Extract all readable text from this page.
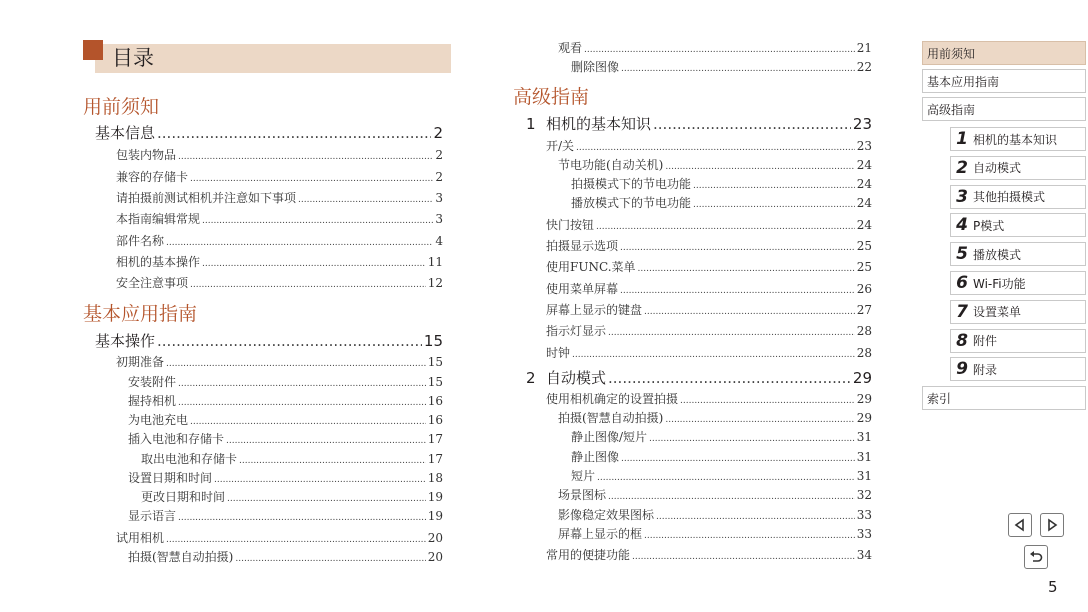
目录
用前须知
基本应用指南
高级指南
基本信息 .....	2
包装内物品 .....	2
兼容的存储卡 .....	2
请拍摄前测试相机并注意如下事项 .....	3
本指南编辑常规 .....	3
部件名称 .....	4
相机的基本操作 .....	11
安全注意事项 .....	12
基本操作 .....	15
初期准备 .....	15
安装附件 .....	15
握持相机 .....	16
为电池充电 .....	16
插入电池和存储卡 .....	17
取出电池和存储卡 .....	17
设置日期和时间 .....	18
更改日期和时间 .....	19
显示语言 .....	19
试用相机 .....	20
拍摄(智慧自动拍摄) .....	20
观看 .....	21
删除图像 .....	22
相机的基本知识 .....	23
自动模式 .....	29
开/关 .....	23
节电功能(自动关机) .....	24
拍摄模式下的节电功能 .....	24
播放模式下的节电功能 .....	24
快门按钮 .....	24
拍摄显示选项 .....	25
使用FUNC.菜单 .....	25
使用菜单屏幕 .....	26
屏幕上显示的键盘 .....	27
指示灯显示 .....	28
时钟 .....	28
使用相机确定的设置拍摄 .....	29
拍摄(智慧自动拍摄) .....	29
静止图像/短片 .....	31
静止图像 .....	31
短片 .....	31
场景图标 .....	32
影像稳定效果图标 .....	33
屏幕上显示的框 .....	33
常用的便捷功能 .....	34
1
2
用前须知
基本应用指南
高级指南
1 相机的基本知识
2 自动模式
3 其他拍摄模式
4 P模式
5 播放模式
6 Wi-Fi功能
7 设置菜单
8 附件
9 附录
索引
5
